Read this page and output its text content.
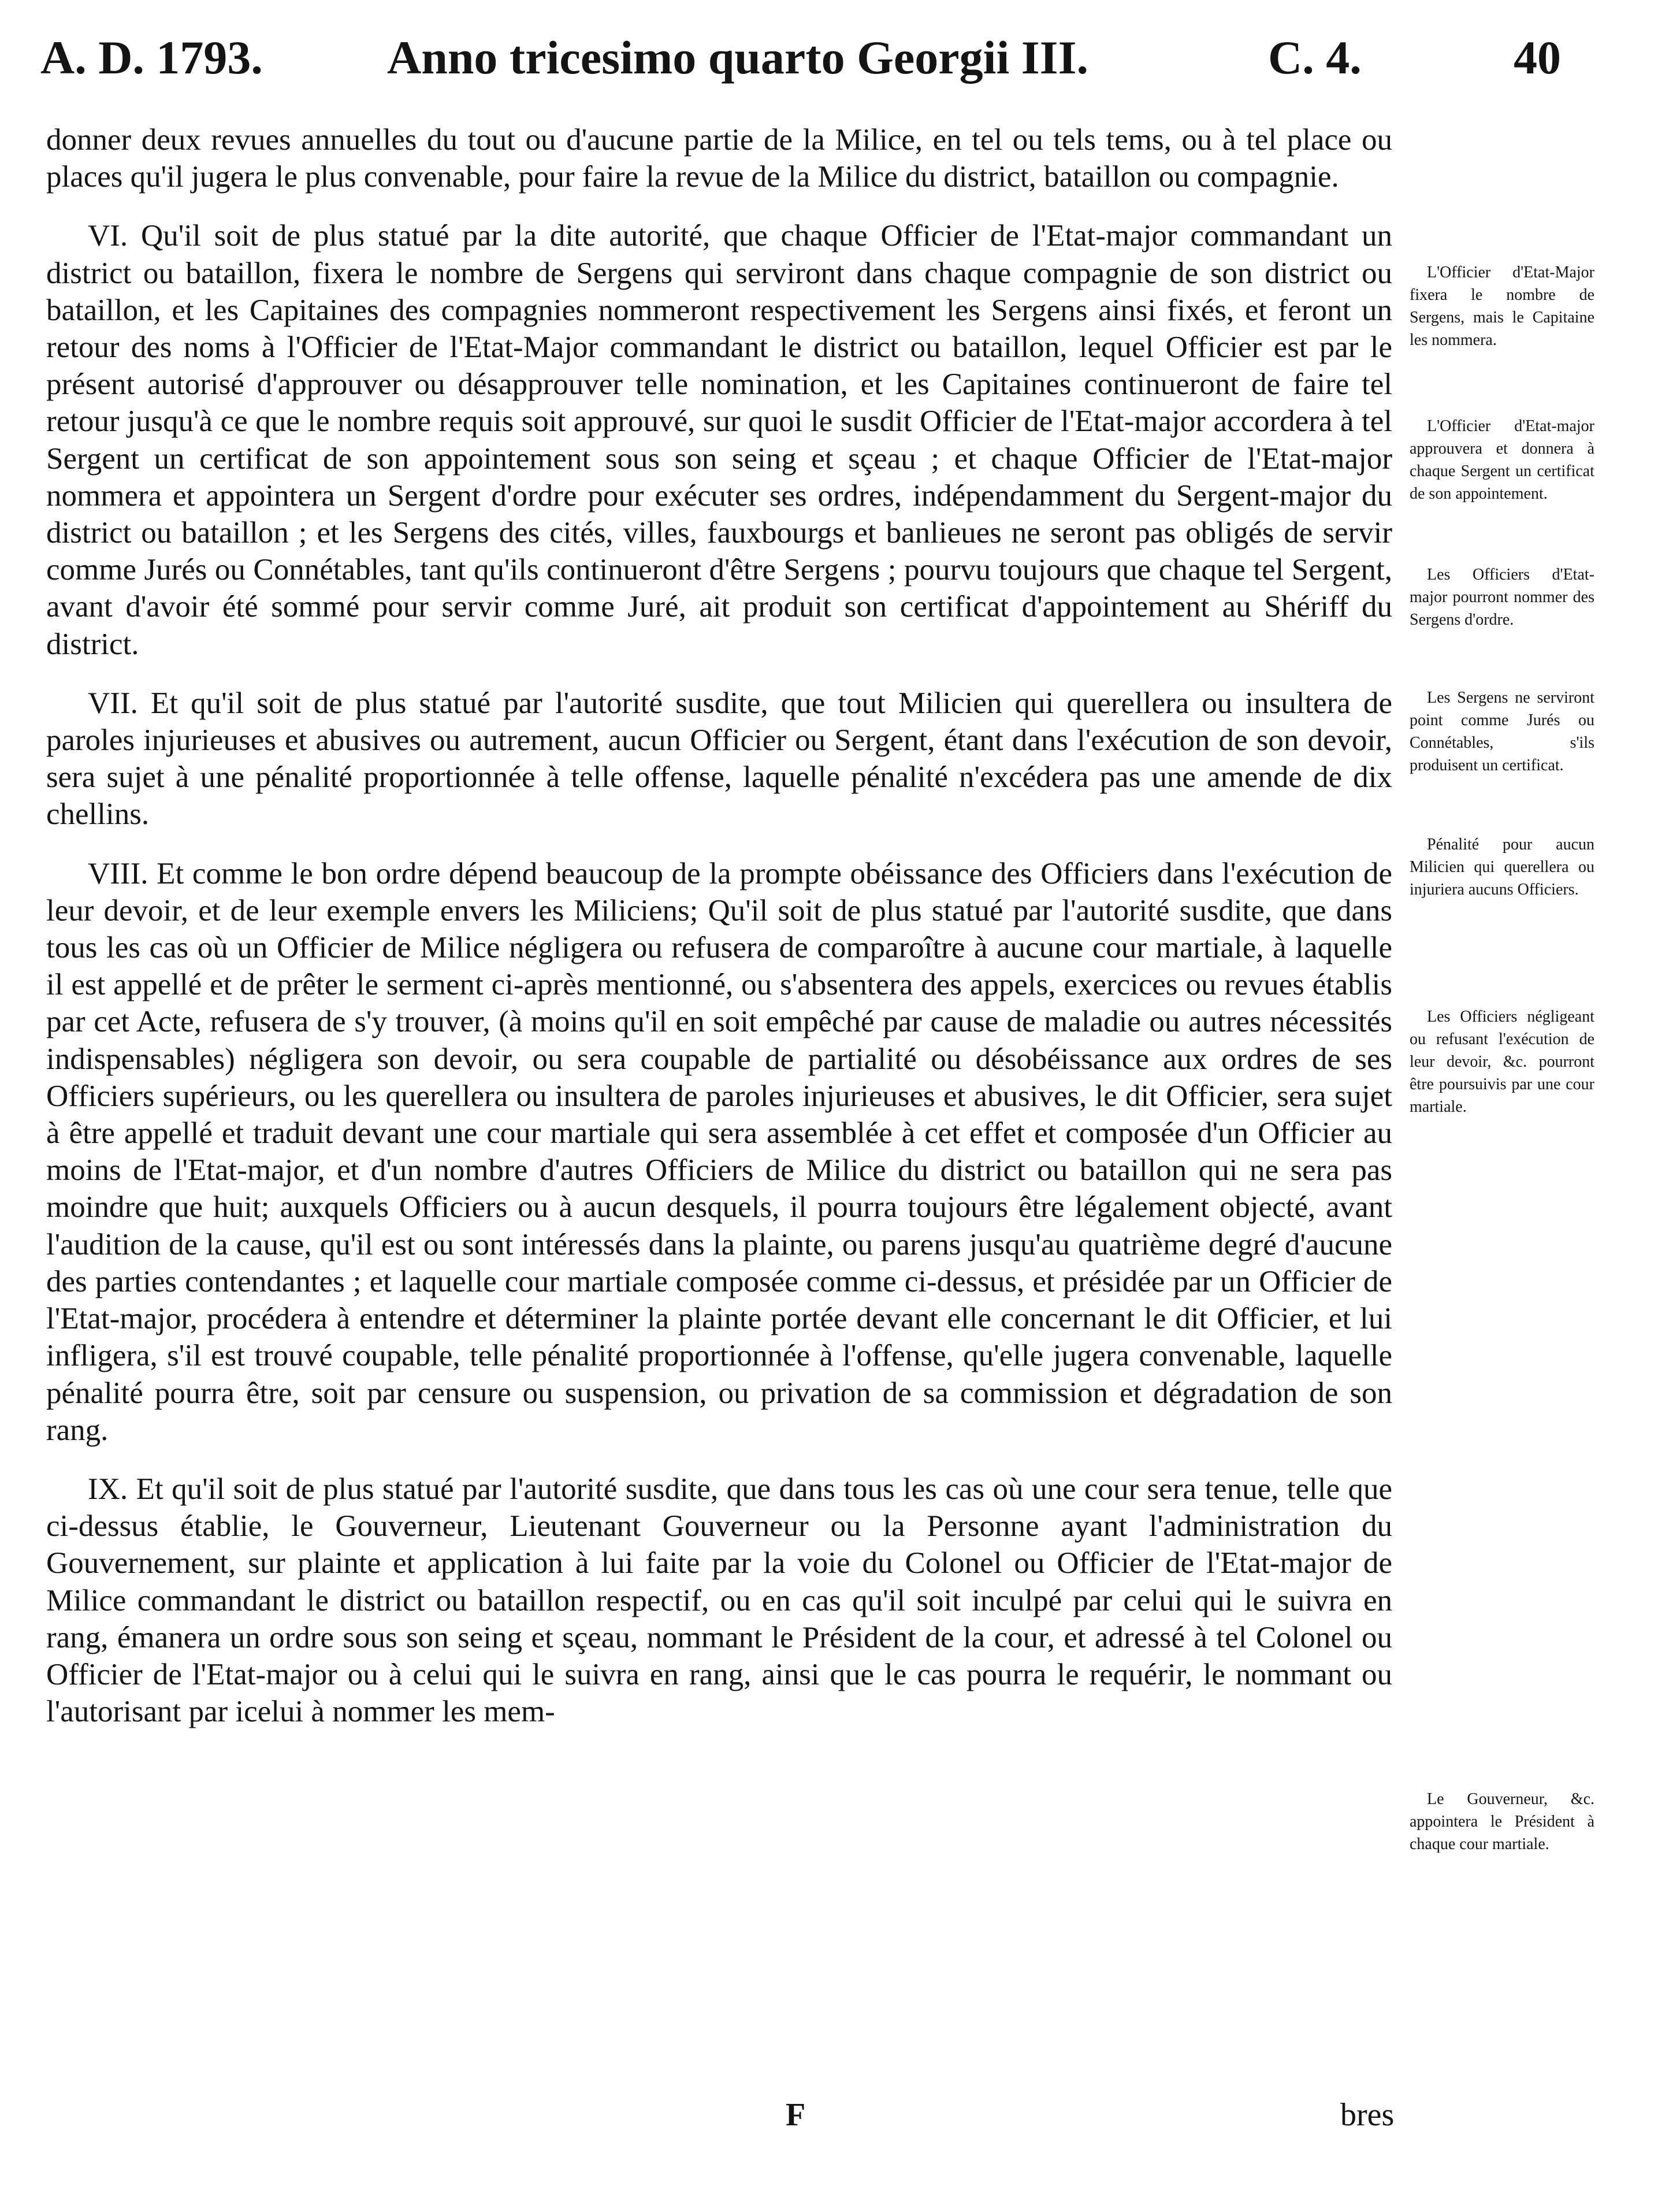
A. D. 1793.	Anno tricesimo quarto Georgii III.	C. 4.	40

donner deux revues annuelles du tout ou d'aucune partie de la Milice, en tel ou tels tems, ou à tel place ou places qu'il jugera le plus convenable, pour faire la revue de la Milice du district, bataillon ou compagnie.

VI. Qu'il soit de plus statué par la dite autorité, que chaque Officier de l'Etat-major commandant un district ou bataillon, fixera le nombre de Sergens qui serviront dans chaque compagnie de son district ou bataillon, et les Capitaines des compagnies nommeront respectivement les Sergens ainsi fixés, et feront un retour des noms à l'Officier de l'Etat-Major commandant le district ou bataillon, lequel Officier est par le présent autorisé d'approuver ou désapprouver telle nomination, et les Capitaines continueront de faire tel retour jusqu'à ce que le nombre requis soit approuvé, sur quoi le susdit Officier de l'Etat-major accordera à tel Sergent un certificat de son appointement sous son seing et sçeau ; et chaque Officier de l'Etat-major nommera et appointera un Sergent d'ordre pour exécuter ses ordres, indépendamment du Sergent-major du district ou bataillon ; et les Sergens des cités, villes, fauxbourgs et banlieues ne seront pas obligés de servir comme Jurés ou Connétables, tant qu'ils continueront d'être Sergens ; pourvu toujours que chaque tel Sergent, avant d'avoir été sommé pour servir comme Juré, ait produit son certificat d'appointement au Shériff du district.

VII. Et qu'il soit de plus statué par l'autorité susdite, que tout Milicien qui querellera ou insultera de paroles injurieuses et abusives ou autrement, aucun Officier ou Sergent, étant dans l'exécution de son devoir, sera sujet à une pénalité proportionnée à telle offense, laquelle pénalité n'excédera pas une amende de dix chellins.

VIII. Et comme le bon ordre dépend beaucoup de la prompte obéissance des Officiers dans l'exécution de leur devoir, et de leur exemple envers les Miliciens; Qu'il soit de plus statué par l'autorité susdite, que dans tous les cas où un Officier de Milice négligera ou refusera de comparoître à aucune cour martiale, à laquelle il est appellé et de prêter le serment ci-après mentionné, ou s'absentera des appels, exercices ou revues établis par cet Acte, refusera de s'y trouver, (à moins qu'il en soit empêché par cause de maladie ou autres nécessités indispensables) négligera son devoir, ou sera coupable de partialité ou désobéissance aux ordres de ses Officiers supérieurs, ou les querellera ou insultera de paroles injurieuses et abusives, le dit Officier, sera sujet à être appellé et traduit devant une cour martiale qui sera assemblée à cet effet et composée d'un Officier au moins de l'Etat-major, et d'un nombre d'autres Officiers de Milice du district ou bataillon qui ne sera pas moindre que huit; auxquels Officiers ou à aucun desquels, il pourra toujours être légalement objecté, avant l'audition de la cause, qu'il est ou sont intéressés dans la plainte, ou parens jusqu'au quatrième degré d'aucune des parties contendantes ; et laquelle cour martiale composée comme ci-dessus, et présidée par un Officier de l'Etat-major, procédera à entendre et déterminer la plainte portée devant elle concernant le dit Officier, et lui infligera, s'il est trouvé coupable, telle pénalité proportionnée à l'offense, qu'elle jugera convenable, laquelle pénalité pourra être, soit par censure ou suspension, ou privation de sa commission et dégradation de son rang.

IX. Et qu'il soit de plus statué par l'autorité susdite, que dans tous les cas où une cour sera tenue, telle que ci-dessus établie, le Gouverneur, Lieutenant Gouverneur ou la Personne ayant l'administration du Gouvernement, sur plainte et application à lui faite par la voie du Colonel ou Officier de l'Etat-major de Milice commandant le district ou bataillon respectif, ou en cas qu'il soit inculpé par celui qui le suivra en rang, émanera un ordre sous son seing et sçeau, nommant le Président de la cour, et adressé à tel Colonel ou Officier de l'Etat-major ou à celui qui le suivra en rang, ainsi que le cas pourra le requérir, le nommant ou l'autorisant par icelui à nommer les mem-

L'Officier d'Etat-Major fixera le nombre de Sergens, mais le Capitaine les nommera.
L'Officier d'Etat-major approuvera et donnera à chaque Sergent un certificat de son appointement.
Les Officiers d'Etat-major pourront nommer des Sergens d'ordre.
Les Sergens ne serviront point comme Jurés ou Connétables, s'ils produisent un certificat.
Pénalité pour aucun Milicien qui querellera ou injuriera aucuns Officiers.
Les Officiers négligeant ou refusant l'exécution de leur devoir, &c. pourront être poursuivis par une cour martiale.
Le Gouverneur, &c. appointera le Président à chaque cour martiale.
F	bres
